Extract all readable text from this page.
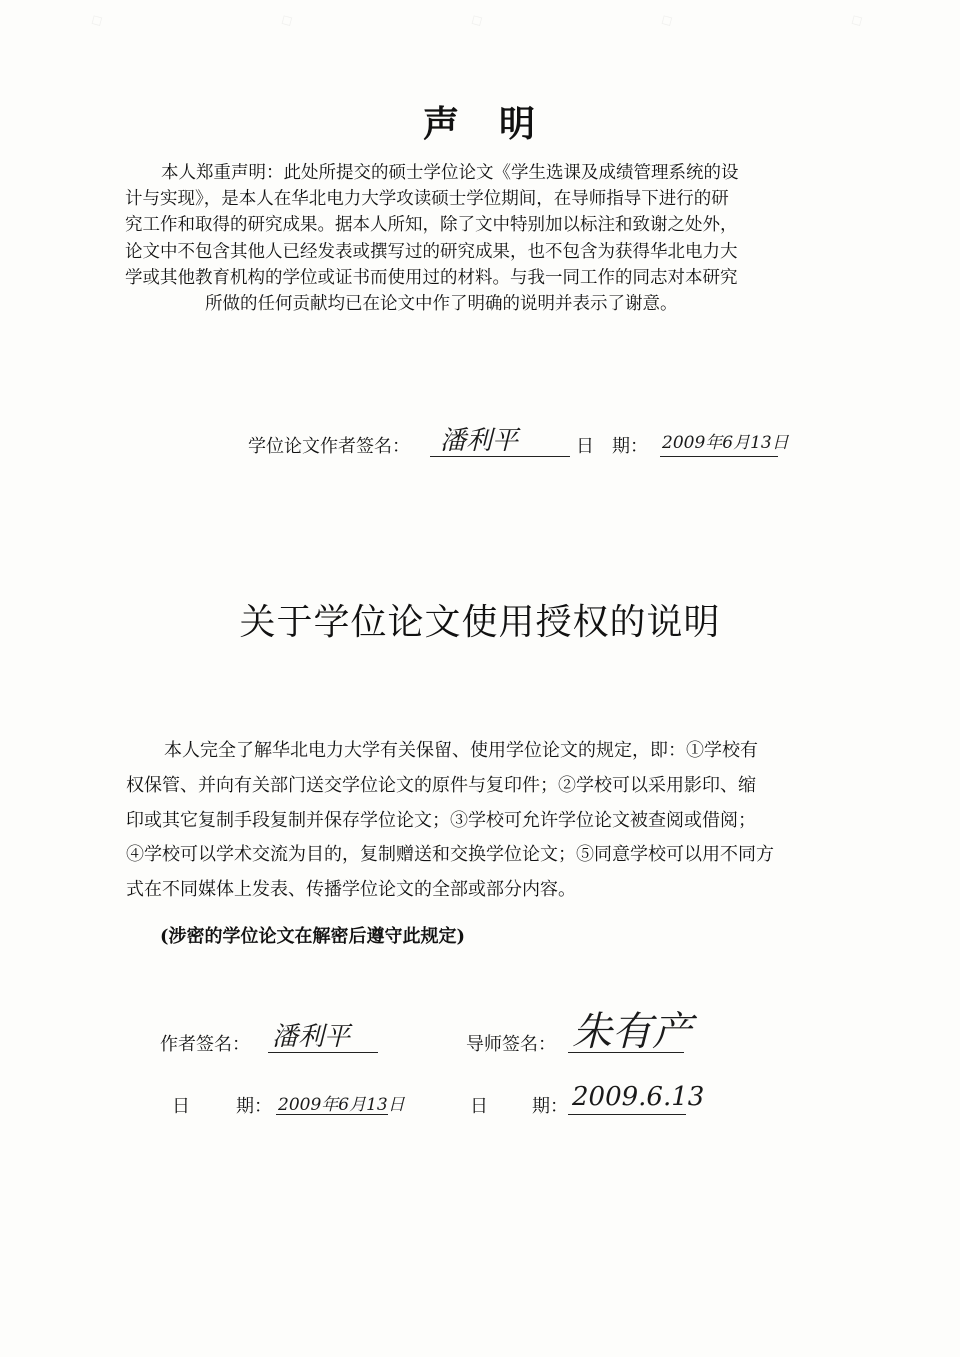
◇	◇	◇	◇	◇
声　明
本人郑重声明：此处所提交的硕士学位论文《学生选课及成绩管理系统的设
计与实现》，是本人在华北电力大学攻读硕士学位期间，在导师指导下进行的研
究工作和取得的研究成果。据本人所知，除了文中特别加以标注和致谢之处外，
论文中不包含其他人已经发表或撰写过的研究成果，也不包含为获得华北电力大
学或其他教育机构的学位或证书而使用过的材料。与我一同工作的同志对本研究
所做的任何贡献均已在论文中作了明确的说明并表示了谢意。
学位论文作者签名： 潘利平	日　期： 2009年6月13日
关于学位论文使用授权的说明
本人完全了解华北电力大学有关保留、使用学位论文的规定，即：①学校有
权保管、并向有关部门送交学位论文的原件与复印件；②学校可以采用影印、缩
印或其它复制手段复制并保存学位论文；③学校可允许学位论文被查阅或借阅；
④学校可以学术交流为目的，复制赠送和交换学位论文；⑤同意学校可以用不同方
式在不同媒体上发表、传播学位论文的全部或部分内容。
(涉密的学位论文在解密后遵守此规定)
作者签名： 潘利平	导师签名： 朱有产
日	期： 2009年6月13日	日 期： 2009.6.13
